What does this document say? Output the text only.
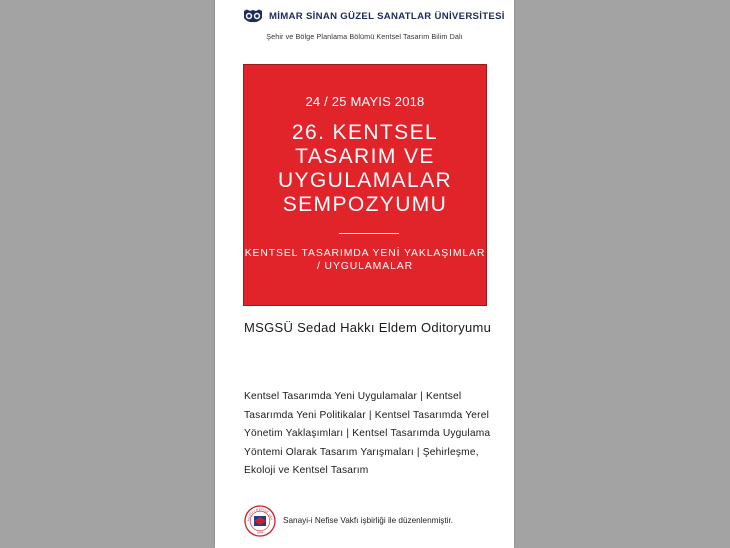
MİMAR SİNAN GÜZEL SANATLAR ÜNİVERSİTESİ
Şehir ve Bölge Planlama Bölümü Kentsel Tasarım Bilim Dalı
24 / 25 MAYIS 2018
26. KENTSEL TASARIM VE UYGULAMALAR SEMPOZYUMU
KENTSEL TASARIMDA YENİ YAKLAŞIMLAR / UYGULAMALAR
MSGSÜ Sedad Hakkı Eldem Oditoryumu
Kentsel Tasarımda Yeni Uygulamalar | Kentsel Tasarımda Yeni Politikalar | Kentsel Tasarımda Yerel Yönetim Yaklaşımları | Kentsel Tasarımda Uygulama Yöntemi Olarak Tasarım Yarışmaları | Şehirleşme, Ekoloji ve Kentsel Tasarım
ANAYİ-İ NEFİSE VAK
1884
Sanayi-i Nefise Vakfı işbirliği ile düzenlenmiştir.
